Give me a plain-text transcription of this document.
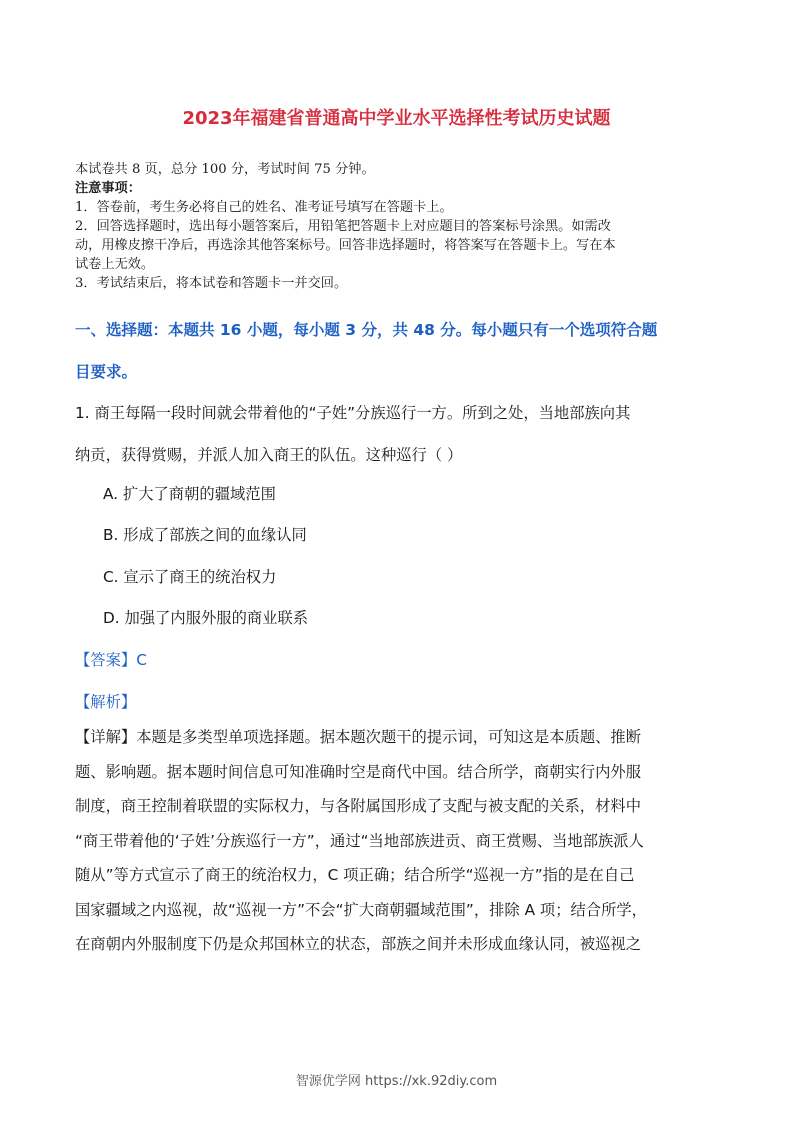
2023年福建省普通高中学业水平选择性考试历史试题

本试卷共 8 页，总分 100 分，考试时间 75 分钟。

注意事项：

1．答卷前，考生务必将自己的姓名、准考证号填写在答题卡上。

2．回答选择题时，选出每小题答案后，用铅笔把答题卡上对应题目的答案标号涂黑。如需改

动，用橡皮擦干净后，再选涂其他答案标号。回答非选择题时，将答案写在答题卡上。写在本

试卷上无效。

3．考试结束后，将本试卷和答题卡一并交回。

一、选择题：本题共 16 小题，每小题 3 分，共 48 分。每小题只有一个选项符合题
目要求。
1. 商王每隔一段时间就会带着他的“子姓”分族巡行一方。所到之处，当地部族向其
纳贡，获得赏赐，并派人加入商王的队伍。这种巡行（ ）
A. 扩大了商朝的疆域范围
B. 形成了部族之间的血缘认同
C. 宣示了商王的统治权力
D. 加强了内服外服的商业联系
【答案】C
【解析】
【详解】本题是多类型单项选择题。据本题次题干的提示词，可知这是本质题、推断
题、影响题。据本题时间信息可知准确时空是商代中国。结合所学，商朝实行内外服
制度，商王控制着联盟的实际权力，与各附属国形成了支配与被支配的关系，材料中
“商王带着他的‘子姓’分族巡行一方”，通过“当地部族进贡、商王赏赐、当地部族派人
随从”等方式宣示了商王的统治权力，C 项正确；结合所学“巡视一方”指的是在自己
国家疆域之内巡视，故“巡视一方”不会“扩大商朝疆域范围”，排除 A 项；结合所学，
在商朝内外服制度下仍是众邦国林立的状态，部族之间并未形成血缘认同，被巡视之
智源优学网 https://xk.92diy.com
